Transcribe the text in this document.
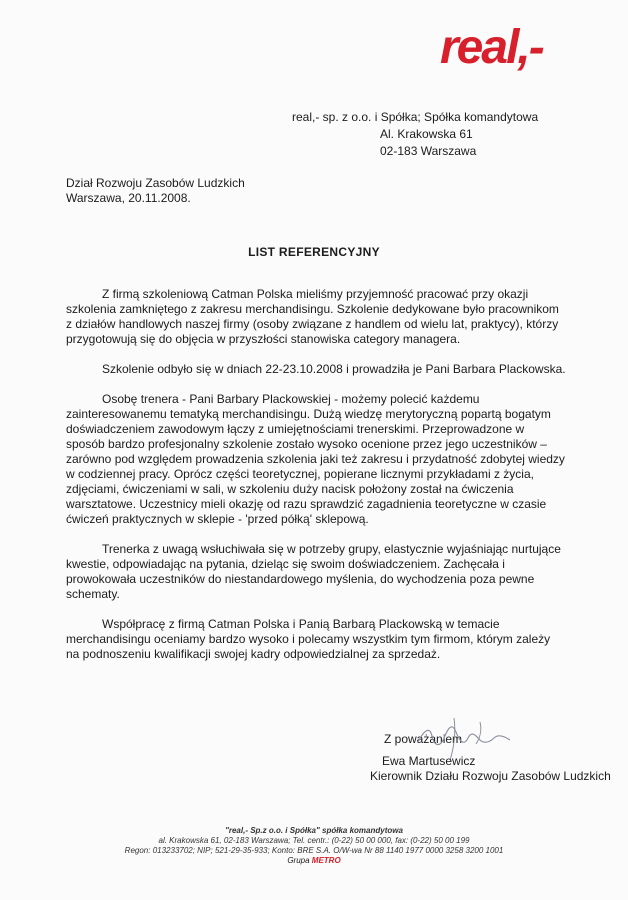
real,-
real,- sp. z o.o. i Spółka; Spółka komandytowa
Al. Krakowska 61
02-183 Warszawa
Dział Rozwoju Zasobów Ludzkich
Warszawa, 20.11.2008.
LIST REFERENCYJNY

Z firmą szkoleniową Catman Polska mieliśmy przyjemność pracować przy okazji szkolenia zamkniętego z zakresu merchandisingu. Szkolenie dedykowane było pracownikom z działów handlowych naszej firmy (osoby związane z handlem od wielu lat, praktycy), którzy przygotowują się do objęcia w przyszłości stanowiska category managera.

Szkolenie odbyło się w dniach 22-23.10.2008 i prowadziła je Pani Barbara Plackowska.

Osobę trenera - Pani Barbary Plackowskiej - możemy polecić każdemu zainteresowanemu tematyką merchandisingu. Dużą wiedzę merytoryczną popartą bogatym doświadczeniem zawodowym łączy z umiejętnościami trenerskimi. Przeprowadzone w sposób bardzo profesjonalny szkolenie zostało wysoko ocenione przez jego uczestników – zarówno pod względem prowadzenia szkolenia jaki też zakresu i przydatność zdobytej wiedzy w codziennej pracy. Oprócz części teoretycznej, popierane licznymi przykładami z życia, zdjęciami, ćwiczeniami w sali, w szkoleniu duży nacisk położony został na ćwiczenia warsztatowe. Uczestnicy mieli okazję od razu sprawdzić zagadnienia teoretyczne w czasie ćwiczeń praktycznych w sklepie - 'przed półką' sklepową.

Trenerka z uwagą wsłuchiwała się w potrzeby grupy, elastycznie wyjaśniając nurtujące kwestie, odpowiadając na pytania, dzieląc się swoim doświadczeniem. Zachęcała i prowokowała uczestników do niestandardowego myślenia, do wychodzenia poza pewne schematy.

Współpracę z firmą Catman Polska i Panią Barbarą Plackowską w temacie merchandisingu oceniamy bardzo wysoko i polecamy wszystkim tym firmom, którym zależy na podnoszeniu kwalifikacji swojej kadry odpowiedzialnej za sprzedaż.

Z poważaniem
Ewa Martusewicz
Kierownik Działu Rozwoju Zasobów Ludzkich
"real,- Sp.z o.o. i Spółka" spółka komandytowa
al. Krakowska 61, 02-183 Warszawa; Tel. centr.: (0-22) 50 00 000, fax: (0-22) 50 00 199
Regon: 013233702; NIP; 521-29-35-933; Konto: BRE S.A. O/W-wa Nr 88 1140 1977 0000 3258 3200 1001
Grupa METRO
